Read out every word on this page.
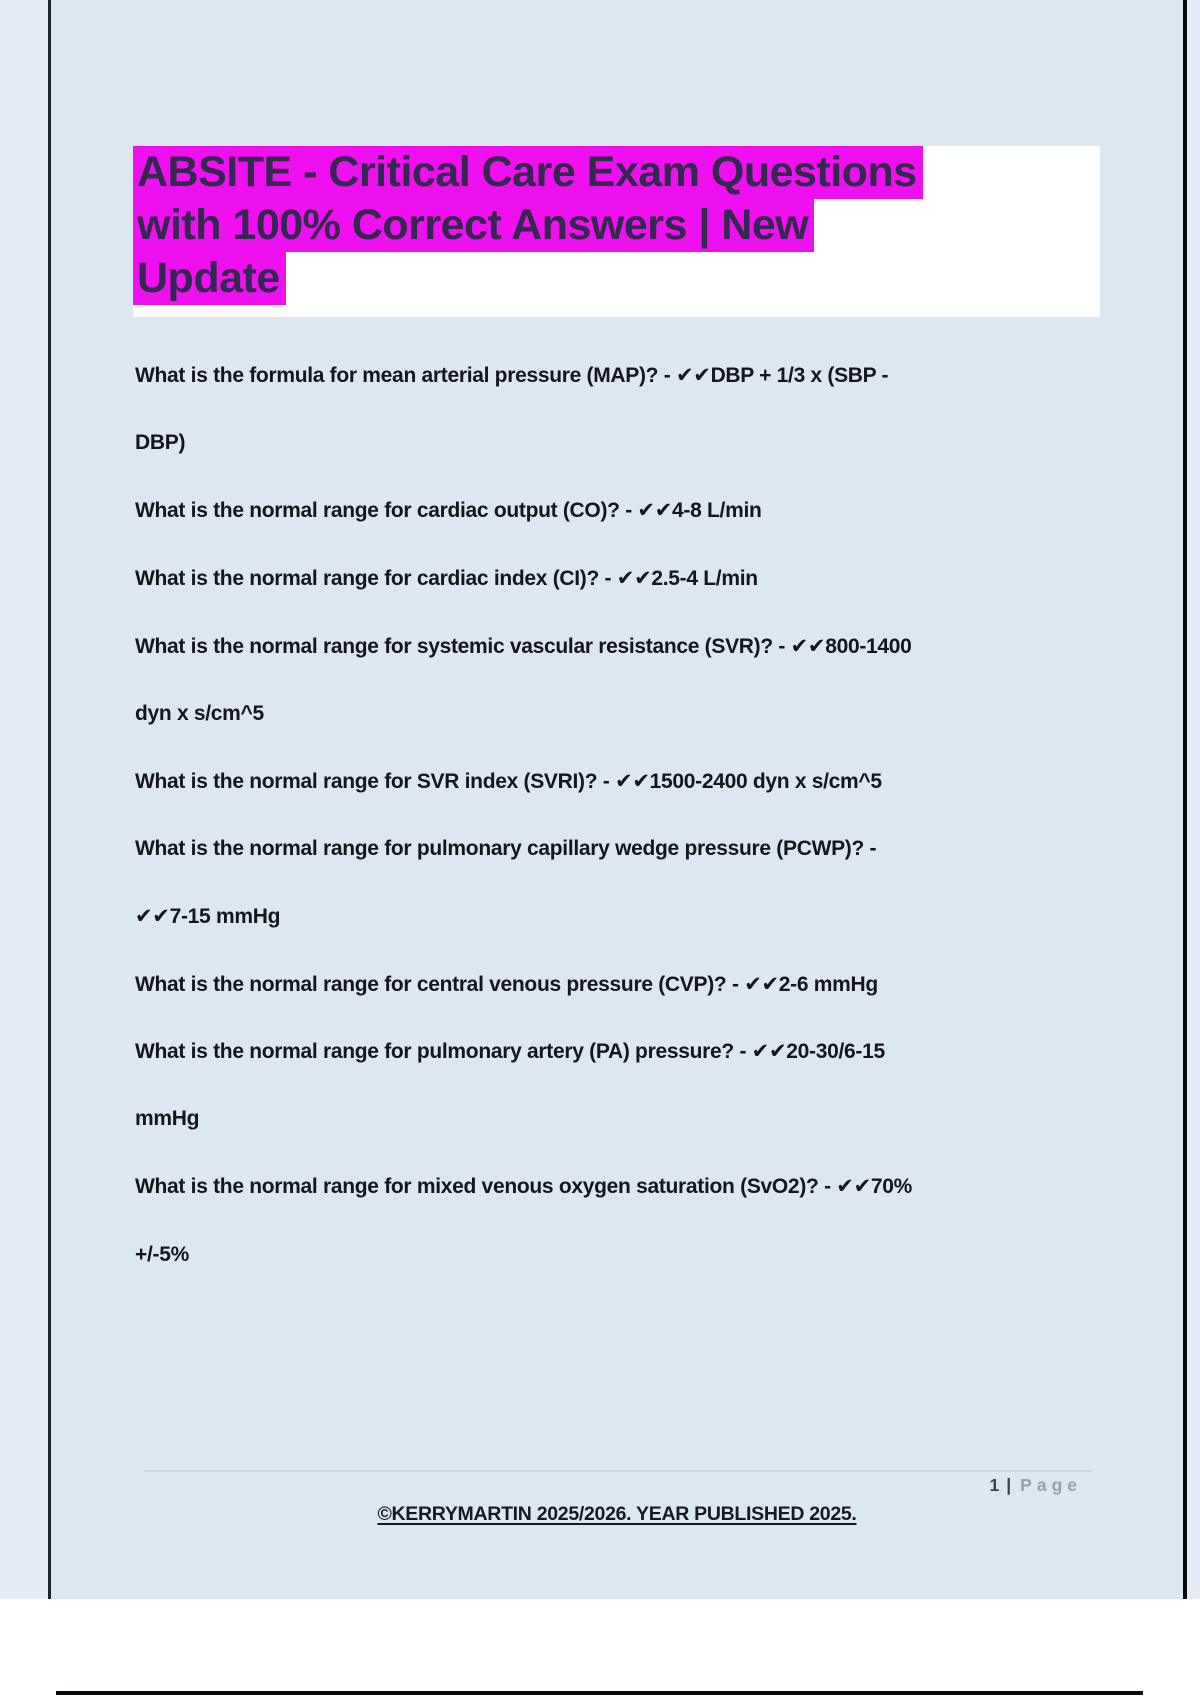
ABSITE - Critical Care Exam Questions
with 100% Correct Answers | New
Update
What is the formula for mean arterial pressure (MAP)? - ✔✔DBP + 1/3 x (SBP -
DBP)
What is the normal range for cardiac output (CO)? - ✔✔4-8 L/min
What is the normal range for cardiac index (CI)? - ✔✔2.5-4 L/min
What is the normal range for systemic vascular resistance (SVR)? - ✔✔800-1400
dyn x s/cm^5
What is the normal range for SVR index (SVRI)? - ✔✔1500-2400 dyn x s/cm^5
What is the normal range for pulmonary capillary wedge pressure (PCWP)? -
✔✔7-15 mmHg
What is the normal range for central venous pressure (CVP)? - ✔✔2-6 mmHg
What is the normal range for pulmonary artery (PA) pressure? - ✔✔20-30/6-15
mmHg
What is the normal range for mixed venous oxygen saturation (SvO2)? - ✔✔70%
+/-5%
1 | Page
©KERRYMARTIN 2025/2026. YEAR PUBLISHED 2025.
